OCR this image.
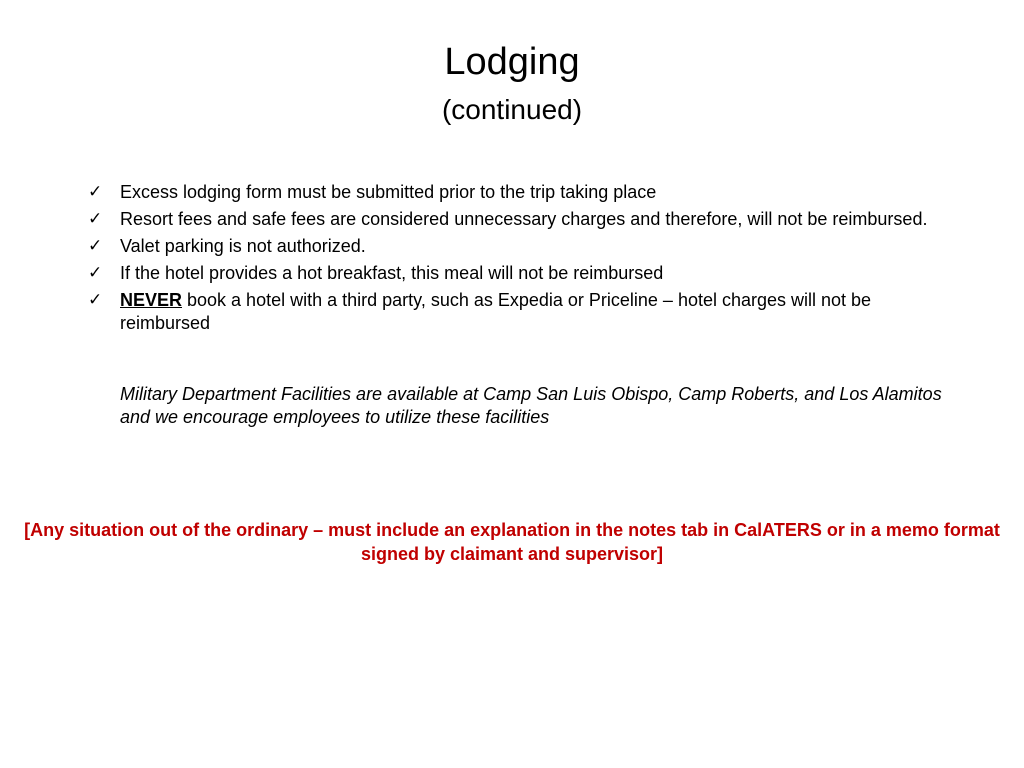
Lodging
(continued)
✓ Excess lodging form must be submitted prior to the trip taking place
✓ Resort fees and safe fees are considered unnecessary charges and therefore, will not be reimbursed.
✓ Valet parking is not authorized.
✓ If the hotel provides a hot breakfast, this meal will not be reimbursed
✓ NEVER book a hotel with a third party, such as Expedia or Priceline – hotel charges will not be reimbursed
Military Department Facilities are available at Camp San Luis Obispo, Camp Roberts, and Los Alamitos and we encourage employees to utilize these facilities
[Any situation out of the ordinary – must include an explanation in the notes tab in CalATERS or in a memo format signed by claimant and supervisor]
